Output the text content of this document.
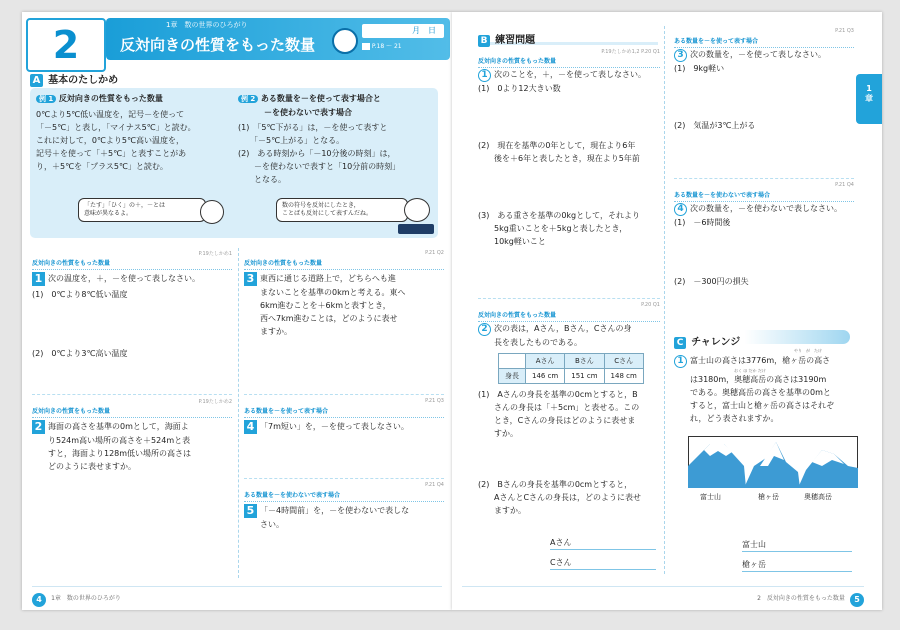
2	1章　数の世界のひろがり
反対向きの性質をもった数量
月　日
P.18 ～ 21
A 基本のたしかめ
例 1 反対向きの性質をもった数量
0℃より5℃低い温度を，記号－を使って
「－5℃」と表し，「マイナス5℃」と読む。
これに対して，0℃より5℃高い温度を，
記号＋を使って「＋5℃」と表すことがあ
り，＋5℃を「プラス5℃」と読む。
例 2 ある数量を－を使って表す場合と
－を使わないで表す場合
(1)　「5℃下がる」は，－を使って表すと
　　「－5℃上がる」となる。
(2)　ある時刻から「－10分後の時刻」は，
　　－を使わないで表すと「10分前の時刻」
　　となる。
「たす」「ひく」の＋，－とは
意味が異なるよ。
数の符号を反対にしたとき，
ことばも反対にして表すんだね。
反対向きの性質をもった数量
P.19たしかめ1
1 次の温度を，＋，－を使って表しなさい。
(1)　0℃より8℃低い温度
(2)　0℃より3℃高い温度
反対向きの性質をもった数量
P.19たしかめ2
2 海面の高さを基準の0mとして，海面よ
り524m高い場所の高さを＋524mと表
すと，海面より128m低い場所の高さは
どのように表せますか。
反対向きの性質をもった数量
P.21 Q2
3 東西に通じる道路上で，どちらへも進
まないことを基準の0kmと考える。東へ
6km進むことを＋6kmと表すとき，
西へ7km進むことは，どのように表せ
ますか。
ある数量を－を使って表す場合
P.21 Q3
4 「7m短い」を，－を使って表しなさい。
ある数量を－を使わないで表す場合
P.21 Q4
5 「－4時間前」を，－を使わないで表しな
さい。
4 1章　数の世界のひろがり
B 練習問題
反対向きの性質をもった数量
P.19たしかめ1,2 P.20 Q1
1 次のことを，＋，－を使って表しなさい。
(1)　0より12大きい数
(2)　現在を基準の0年として，現在より6年
　　後を＋6年と表したとき，現在より5年前
(3)　ある重さを基準の0kgとして，それより
　　5kg重いことを＋5kgと表したとき，
　　10kg軽いこと
反対向きの性質をもった数量
P.20 Q1
2 次の表は，Aさん，Bさん，Cさんの身
長を表したものである。
	Aさん	Bさん	Cさん
身長	146 cm	151 cm	148 cm
(1)　Aさんの身長を基準の0cmとすると，B
　　さんの身長は「＋5cm」と表せる。この
　　とき，Cさんの身長はどのように表せま
　　すか。
(2)　Bさんの身長を基準の0cmとすると，
　　AさんとCさんの身長は，どのように表せ
　　ますか。
Aさん
Cさん
ある数量を－を使って表す場合
P.21 Q3
3 次の数量を，－を使って表しなさい。
(1)　9kg軽い
(2)　気温が3℃上がる
ある数量を－を使わないで表す場合
P.21 Q4
4 次の数量を，－を使わないで表しなさい。
(1)　－6時間後
(2)　－300円の損失
C チャレンジ
やり　が　たけ
1 富士山の高さは3776m，槍ヶ岳の高さ
おく ほ だか だけ
は3180m，奥穂高岳の高さは3190m
である。奥穂高岳の高さを基準の0mと
すると，富士山と槍ヶ岳の高さはそれぞ
れ，どう表されますか。
富士山	槍ヶ岳	奥穂高岳
富士山
槍ヶ岳
1章
2　反対向きの性質をもった数量 5
